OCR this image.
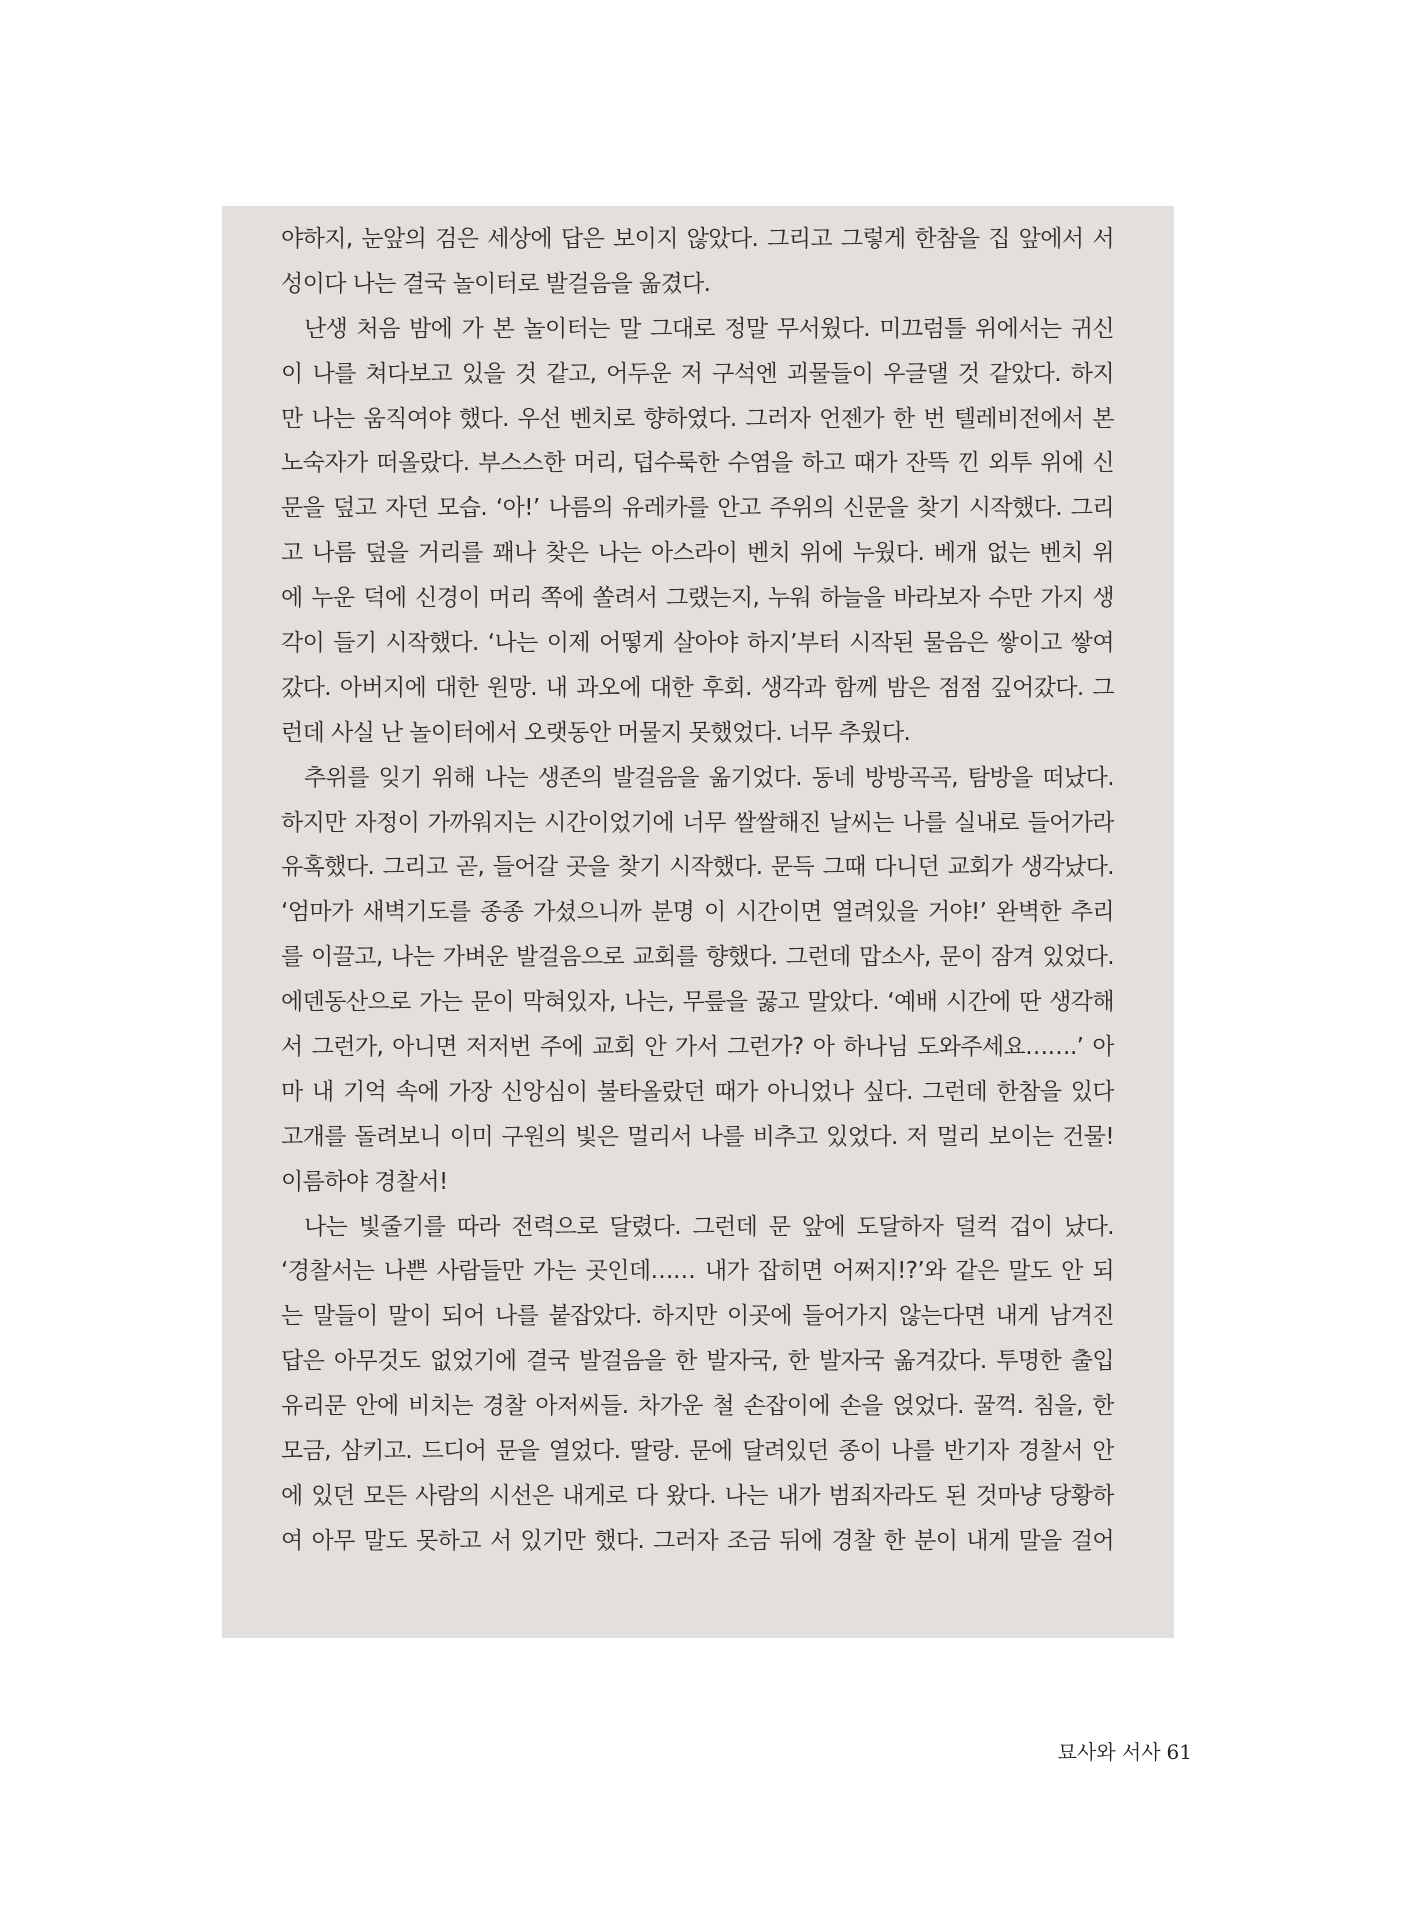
야하지, 눈앞의 검은 세상에 답은 보이지 않았다. 그리고 그렇게 한참을 집 앞에서 서
성이다 나는 결국 놀이터로 발걸음을 옮겼다.
난생 처음 밤에 가 본 놀이터는 말 그대로 정말 무서웠다. 미끄럼틀 위에서는 귀신
이 나를 쳐다보고 있을 것 같고, 어두운 저 구석엔 괴물들이 우글댈 것 같았다. 하지
만 나는 움직여야 했다. 우선 벤치로 향하였다. 그러자 언젠가 한 번 텔레비전에서 본
노숙자가 떠올랐다. 부스스한 머리, 덥수룩한 수염을 하고 때가 잔뜩 낀 외투 위에 신
문을 덮고 자던 모습. ‘아!’ 나름의 유레카를 안고 주위의 신문을 찾기 시작했다. 그리
고 나름 덮을 거리를 꽤나 찾은 나는 아스라이 벤치 위에 누웠다. 베개 없는 벤치 위
에 누운 덕에 신경이 머리 쪽에 쏠려서 그랬는지, 누워 하늘을 바라보자 수만 가지 생
각이 들기 시작했다. ‘나는 이제 어떻게 살아야 하지’부터 시작된 물음은 쌓이고 쌓여
갔다. 아버지에 대한 원망. 내 과오에 대한 후회. 생각과 함께 밤은 점점 깊어갔다. 그
런데 사실 난 놀이터에서 오랫동안 머물지 못했었다. 너무 추웠다.
추위를 잊기 위해 나는 생존의 발걸음을 옮기었다. 동네 방방곡곡, 탐방을 떠났다.
하지만 자정이 가까워지는 시간이었기에 너무 쌀쌀해진 날씨는 나를 실내로 들어가라
유혹했다. 그리고 곧, 들어갈 곳을 찾기 시작했다. 문득 그때 다니던 교회가 생각났다.
‘엄마가 새벽기도를 종종 가셨으니까 분명 이 시간이면 열려있을 거야!’ 완벽한 추리
를 이끌고, 나는 가벼운 발걸음으로 교회를 향했다. 그런데 맙소사, 문이 잠겨 있었다.
에덴동산으로 가는 문이 막혀있자, 나는, 무릎을 꿇고 말았다. ‘예배 시간에 딴 생각해
서 그런가, 아니면 저저번 주에 교회 안 가서 그런가? 아 하나님 도와주세요…….’ 아
마 내 기억 속에 가장 신앙심이 불타올랐던 때가 아니었나 싶다. 그런데 한참을 있다
고개를 돌려보니 이미 구원의 빛은 멀리서 나를 비추고 있었다. 저 멀리 보이는 건물!
이름하야 경찰서!
나는 빛줄기를 따라 전력으로 달렸다. 그런데 문 앞에 도달하자 덜컥 겁이 났다.
‘경찰서는 나쁜 사람들만 가는 곳인데…… 내가 잡히면 어쩌지!?’와 같은 말도 안 되
는 말들이 말이 되어 나를 붙잡았다. 하지만 이곳에 들어가지 않는다면 내게 남겨진
답은 아무것도 없었기에 결국 발걸음을 한 발자국, 한 발자국 옮겨갔다. 투명한 출입
유리문 안에 비치는 경찰 아저씨들. 차가운 철 손잡이에 손을 얹었다. 꿀꺽. 침을, 한
모금, 삼키고. 드디어 문을 열었다. 딸랑. 문에 달려있던 종이 나를 반기자 경찰서 안
에 있던 모든 사람의 시선은 내게로 다 왔다. 나는 내가 범죄자라도 된 것마냥 당황하
여 아무 말도 못하고 서 있기만 했다. 그러자 조금 뒤에 경찰 한 분이 내게 말을 걸어
묘사와 서사 61
